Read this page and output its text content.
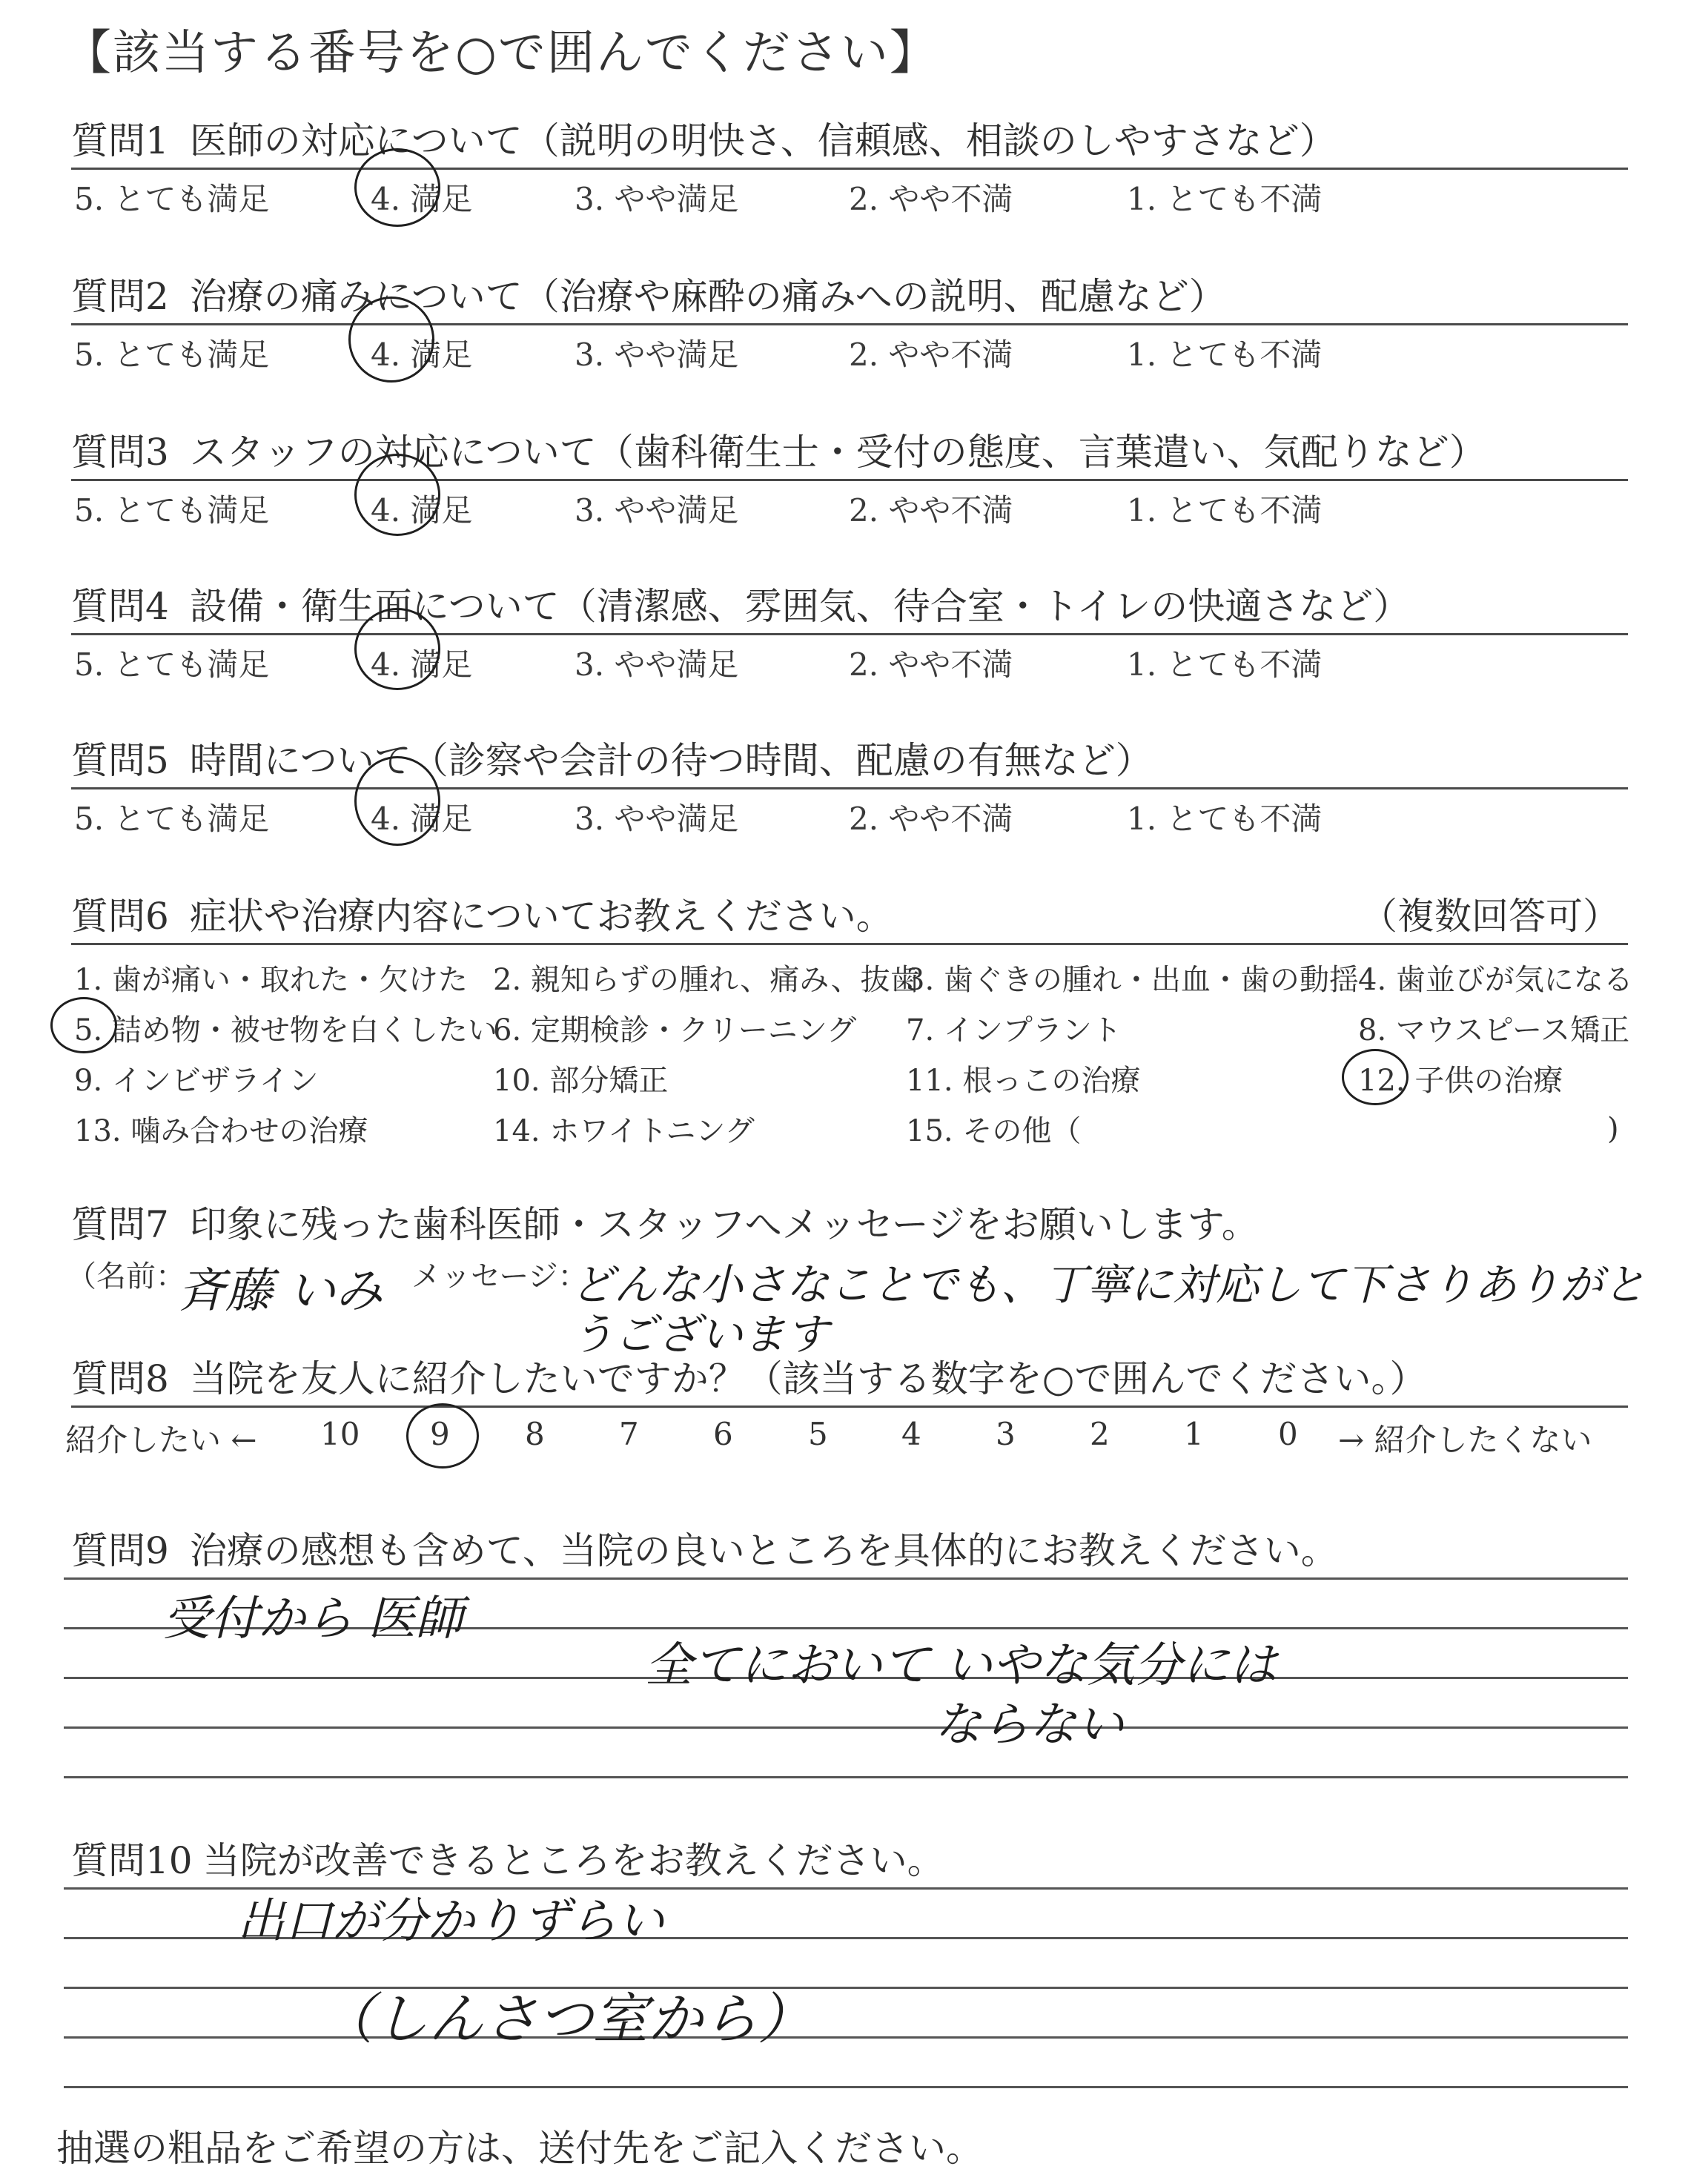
【該当する番号を○で囲んでください】
質問1 医師の対応について（説明の明快さ、信頼感、相談のしやすさなど）
5. とても満足	4. 満足	3. やや満足	2. やや不満	1. とても不満
質問2 治療の痛みについて（治療や麻酔の痛みへの説明、配慮など）
5. とても満足	4. 満足	3. やや満足	2. やや不満	1. とても不満
質問3 スタッフの対応について（歯科衛生士・受付の態度、言葉遣い、気配りなど）
5. とても満足	4. 満足	3. やや満足	2. やや不満	1. とても不満
質問4 設備・衛生面について（清潔感、雰囲気、待合室・トイレの快適さなど）
5. とても満足	4. 満足	3. やや満足	2. やや不満	1. とても不満
質問5 時間について（診察や会計の待つ時間、配慮の有無など）
5. とても満足	4. 満足	3. やや満足	2. やや不満	1. とても不満
質問6 症状や治療内容についてお教えください。	（複数回答可）
1. 歯が痛い・取れた・欠けた 2. 親知らずの腫れ、痛み、抜歯
3. 歯ぐきの腫れ・出血・歯の動揺 4. 歯並びが気になる
5. 詰め物・被せ物を白くしたい
6. 定期検診・クリーニング 7. インプラント	8. マウスピース矯正
9. インビザライン	10. 部分矯正	11. 根っこの治療	12. 子供の治療
13. 噛み合わせの治療	14. ホワイトニング	15. その他（	)
質問7 印象に残った歯科医師・スタッフへメッセージをお願いします。
（名前：
斉藤 いみ メッセージ：
どんな小さなことでも、丁寧に対応して下さりありがとうございます
質問8 当院を友人に紹介したいですか？（該当する数字を○で囲んでください。）
紹介したい ←	→ 紹介したくない
10 9 8 7 6 5 4 3 2 1 0
質問9 治療の感想も含めて、当院の良いところを具体的にお教えください。
受付から 医師
全てにおいて いやな気分には
ならない
質問10 当院が改善できるところをお教えください。
出口が分かりずらい
（しんさつ室から）
抽選の粗品をご希望の方は、送付先をご記入ください。
